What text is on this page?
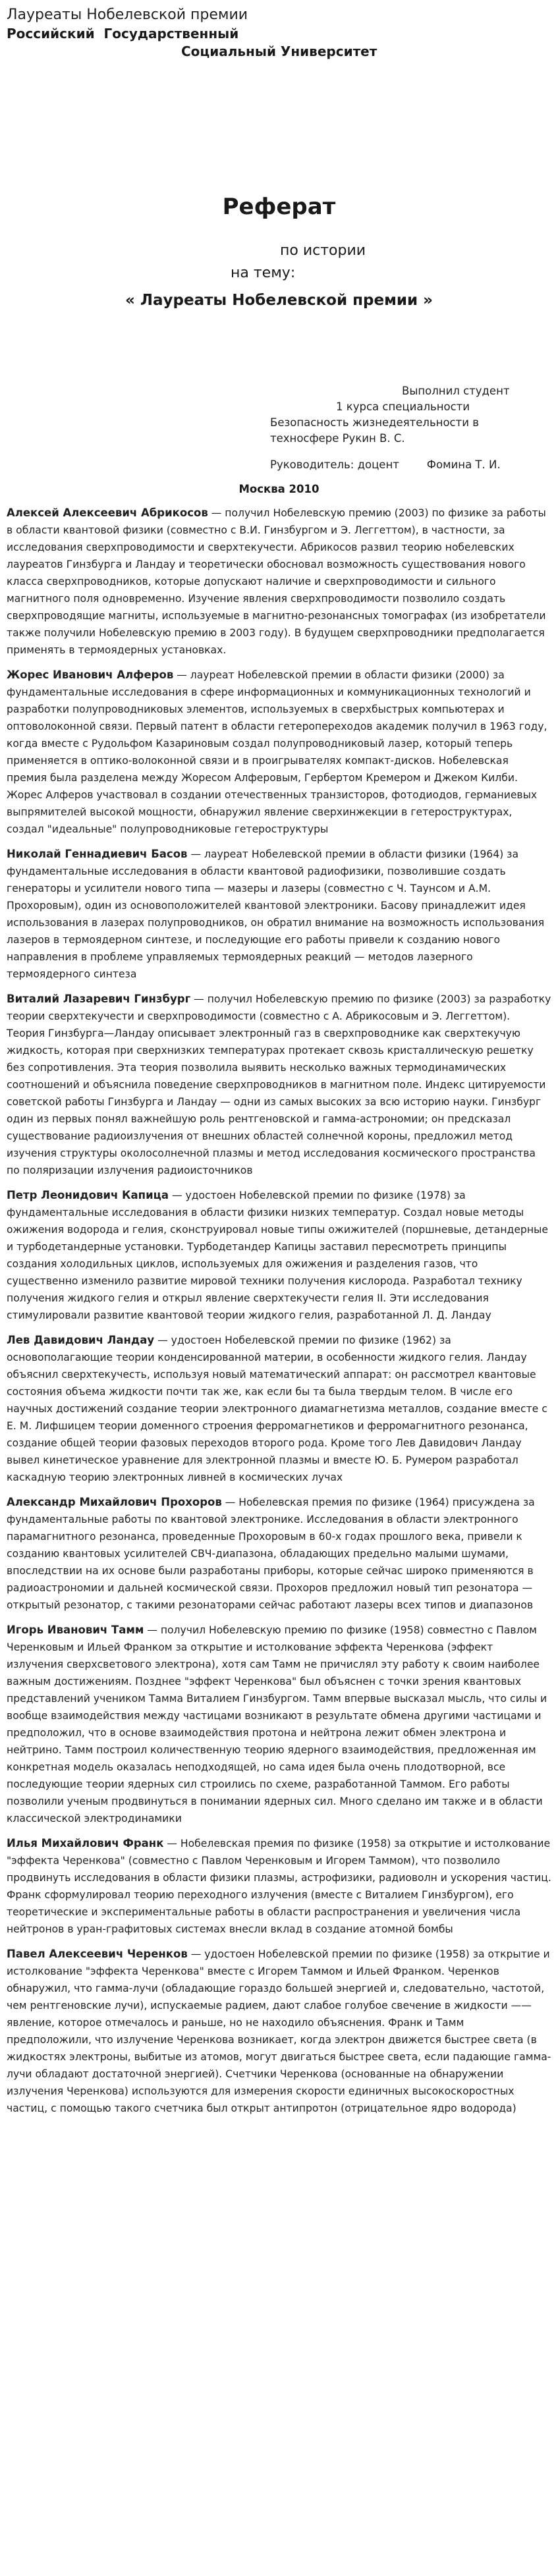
Лауреаты Нобелевской премии
Российский  Государственный
Социальный Университет
Реферат
по истории
на тему:
« Лауреаты Нобелевской премии »
Выполнил студент
1 курса специальности
Безопасность жизнедеятельности в
техносфере Рукин В. С.
Руководитель: доцент        Фомина Т. И.
Москва 2010

Алексей Алексеевич Абрикосов — получил Нобелевскую премию (2003) по физике за работы в области квантовой физики (совместно с В.И. Гинзбургом и Э. Леггеттом), в частности, за исследования сверхпроводимости и сверхтекучести. Абрикосов развил теорию нобелевских лауреатов Гинзбурга и Ландау и теоретически обосновал возможность существования нового класса сверхпроводников, которые допускают наличие и сверхпроводимости и сильного магнитного поля одновременно. Изучение явления сверхпроводимости позволило создать сверхпроводящие магниты, используемые в магнитно-резонансных томографах (из изобретатели также получили Нобелевскую премию в 2003 году). В будущем сверхпроводники предполагается применять в термоядерных установках.

Жорес Иванович Алферов — лауреат Нобелевской премии в области физики (2000) за фундаментальные исследования в сфере информационных и коммуникационных технологий и разработки полупроводниковых элементов, используемых в сверхбыстрых компьютерах и оптоволоконной связи. Первый патент в области гетеропереходов академик получил в 1963 году, когда вместе с Рудольфом Казариновым создал полупроводниковый лазер, который теперь применяется в оптико-волоконной связи и в проигрывателях компакт-дисков. Нобелевская премия была разделена между Жоресом Алферовым, Гербертом Кремером и Джеком Килби. Жорес Алферов участвовал в создании отечественных транзисторов, фотодиодов, германиевых выпрямителей высокой мощности, обнаружил явление сверхинжекции в гетероструктурах, создал "идеальные" полупроводниковые гетероструктуры

Николай Геннадиевич Басов — лауреат Нобелевской премии в области физики (1964) за фундаментальные исследования в области квантовой радиофизики, позволившие создать генераторы и усилители нового типа — мазеры и лазеры (совместно с Ч. Таунсом и А.М. Прохоровым), один из основоположителей квантовой электроники. Басову принадлежит идея использования в лазерах полупроводников, он обратил внимание на возможность использования лазеров в термоядерном синтезе, и последующие его работы привели к созданию нового направления в проблеме управляемых термоядерных реакций — методов лазерного термоядерного синтеза

Виталий Лазаревич Гинзбург — получил Нобелевскую премию по физике (2003) за разработку теории сверхтекучести и сверхпроводимости (совместно с А. Абрикосовым и Э. Леггеттом). Теория Гинзбурга—Ландау описывает электронный газ в сверхпроводнике как сверхтекучую жидкость, которая при сверхнизких температурах протекает сквозь кристаллическую решетку без сопротивления. Эта теория позволила выявить несколько важных термодинамических соотношений и объяснила поведение сверхпроводников в магнитном поле. Индекс цитируемости советской работы Гинзбурга и Ландау — одни из самых высоких за всю историю науки. Гинзбург один из первых понял важнейшую роль рентгеновской и гамма-астрономии; он предсказал существование радиоизлучения от внешних областей солнечной короны, предложил метод изучения структуры околосолнечной плазмы и метод исследования космического пространства по поляризации излучения радиоисточников

Петр Леонидович Капица — удостоен Нобелевской премии по физике (1978) за фундаментальные исследования в области физики низких температур. Создал новые методы ожижения водорода и гелия, сконструировал новые типы ожижителей (поршневые, детандерные и турбодетандерные установки. Турбодетандер Капицы заставил пересмотреть принципы создания холодильных циклов, используемых для ожижения и разделения газов, что существенно изменило развитие мировой техники получения кислорода. Разработал технику получения жидкого гелия и открыл явление сверхтекучести гелия II. Эти исследования стимулировали развитие квантовой теории жидкого гелия, разработанной Л. Д. Ландау

Лев Давидович Ландау — удостоен Нобелевской премии по физике (1962) за основополагающие теории конденсированной материи, в особенности жидкого гелия. Ландау объяснил сверхтекучесть, используя новый математический аппарат: он рассмотрел квантовые состояния объема жидкости почти так же, как если бы та была твердым телом. В числе его научных достижений создание теории электронного диамагнетизма металлов, создание вместе с Е. М. Лифшицем теории доменного строения ферромагнетиков и ферромагнитного резонанса, создание общей теории фазовых переходов второго рода. Кроме того Лев Давидович Ландау вывел кинетическое уравнение для электронной плазмы и вместе Ю. Б. Румером разработал каскадную теорию электронных ливней в космических лучах

Александр Михайлович Прохоров — Нобелевская премия по физике (1964) присуждена за фундаментальные работы по квантовой электронике. Исследования в области электронного парамагнитного резонанса, проведенные Прохоровым в 60-х годах прошлого века, привели к созданию квантовых усилителей СВЧ-диапазона, обладающих предельно малыми шумами, впоследствии на их основе были разработаны приборы, которые сейчас широко применяются в радиоастрономии и дальней космической связи. Прохоров предложил новый тип резонатора — открытый резонатор, с такими резонаторами сейчас работают лазеры всех типов и диапазонов

Игорь Иванович Тамм — получил Нобелевскую премию по физике (1958) совместно с Павлом Черенковым и Ильей Франком за открытие и истолкование эффекта Черенкова (эффект излучения сверхсветового электрона), хотя сам Тамм не причислял эту работу к своим наиболее важным достижениям. Позднее "эффект Черенкова" был объяснен с точки зрения квантовых представлений учеником Тамма Виталием Гинзбургом. Тамм впервые высказал мысль, что силы и вообще взаимодействия между частицами возникают в результате обмена другими частицами и предположил, что в основе взаимодействия протона и нейтрона лежит обмен электрона и нейтрино. Тамм построил количественную теорию ядерного взаимодействия, предложенная им конкретная модель оказалась неподходящей, но сама идея была очень плодотворной, все последующие теории ядерных сил строились по схеме, разработанной Таммом. Его работы позволили ученым продвинуться в понимании ядерных сил. Много сделано им также и в области классической электродинамики

Илья Михайлович Франк — Нобелевская премия по физике (1958) за открытие и истолкование "эффекта Черенкова" (совместно с Павлом Черенковым и Игорем Таммом), что позволило продвинуть исследования в области физики плазмы, астрофизики, радиоволн и ускорения частиц. Франк сформулировал теорию переходного излучения (вместе с Виталием Гинзбургом), его теоретические и экспериментальные работы в области распространения и увеличения числа нейтронов в уран-графитовых системах внесли вклад в создание атомной бомбы

Павел Алексеевич Черенков — удостоен Нобелевской премии по физике (1958) за открытие и истолкование "эффекта Черенкова" вместе с Игорем Таммом и Ильей Франком. Черенков обнаружил, что гамма-лучи (обладающие гораздо большей энергией и, следовательно, частотой, чем рентгеновские лучи), испускаемые радием, дают слабое голубое свечение в жидкости —— явление, которое отмечалось и раньше, но не находило объяснения. Франк и Тамм предположили, что излучение Черенкова возникает, когда электрон движется быстрее света (в жидкостях электроны, выбитые из атомов, могут двигаться быстрее света, если падающие гамма-лучи обладают достаточной энергией). Счетчики Черенкова (основанные на обнаружении излучения Черенкова) используются для измерения скорости единичных высокоскоростных частиц, с помощью такого счетчика был открыт антипротон (отрицательное ядро водорода)
